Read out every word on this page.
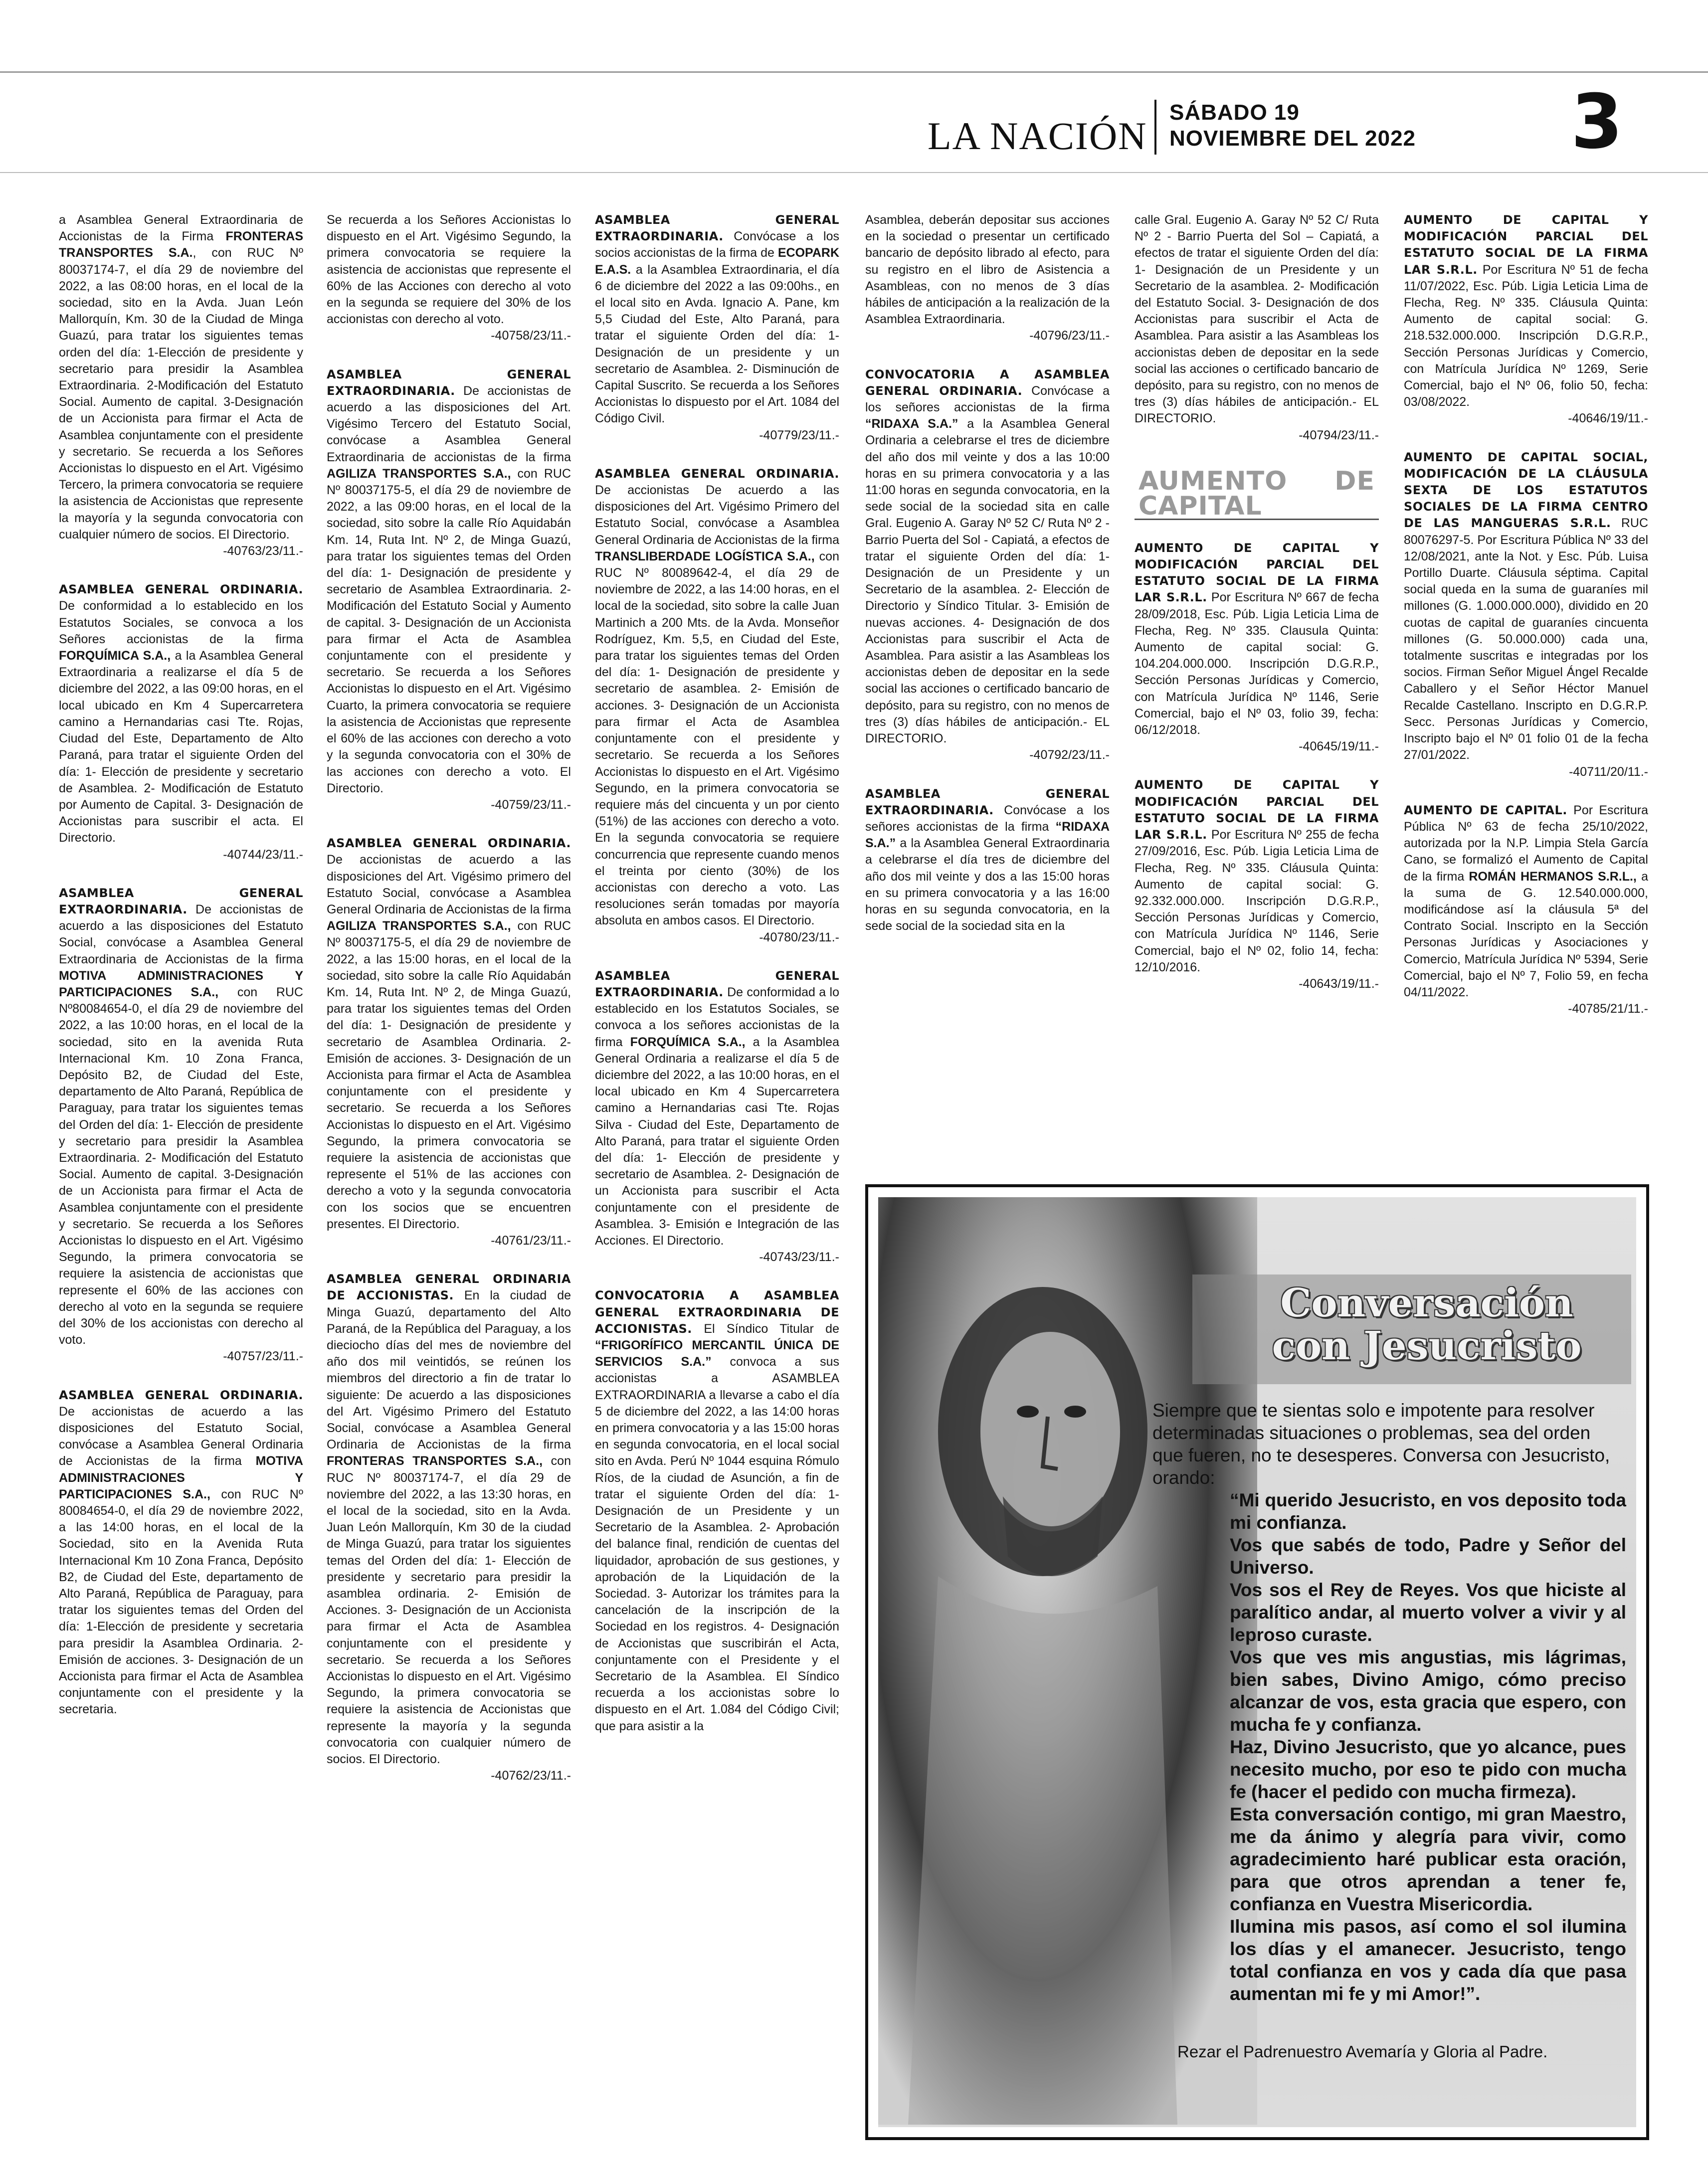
LA NACIÓN
SÁBADO 19
NOVIEMBRE DEL 2022 3

a Asamblea General Extraordinaria de Accionistas de la Firma FRONTERAS TRANSPORTES S.A., con RUC Nº 80037174-7, el día 29 de noviembre del 2022, a las 08:00 horas, en el local de la sociedad, sito en la Avda. Juan León Mallorquín, Km. 30 de la Ciudad de Minga Guazú, para tratar los siguientes temas orden del día: 1-Elección de presidente y secretario para presidir la Asamblea Extraordinaria. 2-Modificación del Estatuto Social. Aumento de capital. 3-Designación de un Accionista para firmar el Acta de Asamblea conjuntamente con el presidente y secretario. Se recuerda a los Señores Accionistas lo dispuesto en el Art. Vigésimo Tercero, la primera convocatoria se requiere la asistencia de Accionistas que represente la mayoría y la segunda convocatoria con cualquier número de socios. El Directorio.

-40763/23/11.-

ASAMBLEA GENERAL ORDINARIA. De conformidad a lo establecido en los Estatutos Sociales, se convoca a los Señores accionistas de la firma FORQUÍMICA S.A., a la Asamblea General Extraordinaria a realizarse el día 5 de diciembre del 2022, a las 09:00 horas, en el local ubicado en Km 4 Supercarretera camino a Hernandarias casi Tte. Rojas, Ciudad del Este, Departamento de Alto Paraná, para tratar el siguiente Orden del día: 1- Elección de presidente y secretario de Asamblea. 2- Modificación de Estatuto por Aumento de Capital. 3- Designación de Accionistas para suscribir el acta. El Directorio.

-40744/23/11.-

ASAMBLEA GENERAL EXTRAORDINARIA. De accionistas de acuerdo a las disposiciones del Estatuto Social, convócase a Asamblea General Extraordinaria de Accionistas de la firma MOTIVA ADMINISTRACIONES Y PARTICIPACIONES S.A., con RUC Nº80084654-0, el día 29 de noviembre del 2022, a las 10:00 horas, en el local de la sociedad, sito en la avenida Ruta Internacional Km. 10 Zona Franca, Depósito B2, de Ciudad del Este, departamento de Alto Paraná, República de Paraguay, para tratar los siguientes temas del Orden del día: 1- Elección de presidente y secretario para presidir la Asamblea Extraordinaria. 2- Modificación del Estatuto Social. Aumento de capital. 3-Designación de un Accionista para firmar el Acta de Asamblea conjuntamente con el presidente y secretario. Se recuerda a los Señores Accionistas lo dispuesto en el Art. Vigésimo Segundo, la primera convocatoria se requiere la asistencia de accionistas que represente el 60% de las acciones con derecho al voto en la segunda se requiere del 30% de los accionistas con derecho al voto.

-40757/23/11.-

ASAMBLEA GENERAL ORDINARIA. De accionistas de acuerdo a las disposiciones del Estatuto Social, convócase a Asamblea General Ordinaria de Accionistas de la firma MOTIVA ADMINISTRACIONES Y PARTICIPACIONES S.A., con RUC Nº 80084654-0, el día 29 de noviembre 2022, a las 14:00 horas, en el local de la Sociedad, sito en la Avenida Ruta Internacional Km 10 Zona Franca, Depósito B2, de Ciudad del Este, departamento de Alto Paraná, República de Paraguay, para tratar los siguientes temas del Orden del día: 1-Elección de presidente y secretaria para presidir la Asamblea Ordinaria. 2- Emisión de acciones. 3- Designación de un Accionista para firmar el Acta de Asamblea conjuntamente con el presidente y la secretaria.

Se recuerda a los Señores Accionistas lo dispuesto en el Art. Vigésimo Segundo, la primera convocatoria se requiere la asistencia de accionistas que represente el 60% de las Acciones con derecho al voto en la segunda se requiere del 30% de los accionistas con derecho al voto.

-40758/23/11.-

ASAMBLEA GENERAL EXTRAORDINARIA. De accionistas de acuerdo a las disposiciones del Art. Vigésimo Tercero del Estatuto Social, convócase a Asamblea General Extraordinaria de accionistas de la firma AGILIZA TRANSPORTES S.A., con RUC Nº 80037175-5, el día 29 de noviembre de 2022, a las 09:00 horas, en el local de la sociedad, sito sobre la calle Río Aquidabán Km. 14, Ruta Int. Nº 2, de Minga Guazú, para tratar los siguientes temas del Orden del día: 1- Designación de presidente y secretario de Asamblea Extraordinaria. 2- Modificación del Estatuto Social y Aumento de capital. 3- Designación de un Accionista para firmar el Acta de Asamblea conjuntamente con el presidente y secretario. Se recuerda a los Señores Accionistas lo dispuesto en el Art. Vigésimo Cuarto, la primera convocatoria se requiere la asistencia de Accionistas que represente el 60% de las acciones con derecho a voto y la segunda convocatoria con el 30% de las acciones con derecho a voto. El Directorio.

-40759/23/11.-

ASAMBLEA GENERAL ORDINARIA. De accionistas de acuerdo a las disposiciones del Art. Vigésimo primero del Estatuto Social, convócase a Asamblea General Ordinaria de Accionistas de la firma AGILIZA TRANSPORTES S.A., con RUC Nº 80037175-5, el día 29 de noviembre de 2022, a las 15:00 horas, en el local de la sociedad, sito sobre la calle Río Aquidabán Km. 14, Ruta Int. Nº 2, de Minga Guazú, para tratar los siguientes temas del Orden del día: 1- Designación de presidente y secretario de Asamblea Ordinaria. 2- Emisión de acciones. 3- Designación de un Accionista para firmar el Acta de Asamblea conjuntamente con el presidente y secretario. Se recuerda a los Señores Accionistas lo dispuesto en el Art. Vigésimo Segundo, la primera convocatoria se requiere la asistencia de accionistas que represente el 51% de las acciones con derecho a voto y la segunda convocatoria con los socios que se encuentren presentes. El Directorio.

-40761/23/11.-

ASAMBLEA GENERAL ORDINARIA DE ACCIONISTAS. En la ciudad de Minga Guazú, departamento del Alto Paraná, de la República del Paraguay, a los dieciocho días del mes de noviembre del año dos mil veintidós, se reúnen los miembros del directorio a fin de tratar lo siguiente: De acuerdo a las disposiciones del Art. Vigésimo Primero del Estatuto Social, convócase a Asamblea General Ordinaria de Accionistas de la firma FRONTERAS TRANSPORTES S.A., con RUC Nº 80037174-7, el día 29 de noviembre del 2022, a las 13:30 horas, en el local de la sociedad, sito en la Avda. Juan León Mallorquín, Km 30 de la ciudad de Minga Guazú, para tratar los siguientes temas del Orden del día: 1- Elección de presidente y secretario para presidir la asamblea ordinaria. 2- Emisión de Acciones. 3- Designación de un Accionista para firmar el Acta de Asamblea conjuntamente con el presidente y secretario. Se recuerda a los Señores Accionistas lo dispuesto en el Art. Vigésimo Segundo, la primera convocatoria se requiere la asistencia de Accionistas que represente la mayoría y la segunda convocatoria con cualquier número de socios. El Directorio.

-40762/23/11.-

ASAMBLEA GENERAL EXTRAORDINARIA. Convócase a los socios accionistas de la firma de ECOPARK E.A.S. a la Asamblea Extraordinaria, el día 6 de diciembre del 2022 a las 09:00hs., en el local sito en Avda. Ignacio A. Pane, km 5,5 Ciudad del Este, Alto Paraná, para tratar el siguiente Orden del día: 1- Designación de un presidente y un secretario de Asamblea. 2- Disminución de Capital Suscrito. Se recuerda a los Señores Accionistas lo dispuesto por el Art. 1084 del Código Civil.

-40779/23/11.-

ASAMBLEA GENERAL ORDINARIA. De accionistas De acuerdo a las disposiciones del Art. Vigésimo Primero del Estatuto Social, convócase a Asamblea General Ordinaria de Accionistas de la firma TRANSLIBERDADE LOGÍSTICA S.A., con RUC Nº 80089642-4, el día 29 de noviembre de 2022, a las 14:00 horas, en el local de la sociedad, sito sobre la calle Juan Martinich a 200 Mts. de la Avda. Monseñor Rodríguez, Km. 5,5, en Ciudad del Este, para tratar los siguientes temas del Orden del día: 1- Designación de presidente y secretario de asamblea. 2- Emisión de acciones. 3- Designación de un Accionista para firmar el Acta de Asamblea conjuntamente con el presidente y secretario. Se recuerda a los Señores Accionistas lo dispuesto en el Art. Vigésimo Segundo, en la primera convocatoria se requiere más del cincuenta y un por ciento (51%) de las acciones con derecho a voto. En la segunda convocatoria se requiere concurrencia que represente cuando menos el treinta por ciento (30%) de los accionistas con derecho a voto. Las resoluciones serán tomadas por mayoría absoluta en ambos casos. El Directorio.

-40780/23/11.-

ASAMBLEA GENERAL EXTRAORDINARIA. De conformidad a lo establecido en los Estatutos Sociales, se convoca a los señores accionistas de la firma FORQUÍMICA S.A., a la Asamblea General Ordinaria a realizarse el día 5 de diciembre del 2022, a las 10:00 horas, en el local ubicado en Km 4 Supercarretera camino a Hernandarias casi Tte. Rojas Silva - Ciudad del Este, Departamento de Alto Paraná, para tratar el siguiente Orden del día: 1- Elección de presidente y secretario de Asamblea. 2- Designación de un Accionista para suscribir el Acta conjuntamente con el presidente de Asamblea. 3- Emisión e Integración de las Acciones. El Directorio.

-40743/23/11.-

CONVOCATORIA A ASAMBLEA GENERAL EXTRAORDINARIA DE ACCIONISTAS. El Síndico Titular de “FRIGORÍFICO MERCANTIL ÚNICA DE SERVICIOS S.A.” convoca a sus accionistas a ASAMBLEA EXTRAORDINARIA a llevarse a cabo el día 5 de diciembre del 2022, a las 14:00 horas en primera convocatoria y a las 15:00 horas en segunda convocatoria, en el local social sito en Avda. Perú Nº 1044 esquina Rómulo Ríos, de la ciudad de Asunción, a fin de tratar el siguiente Orden del día: 1- Designación de un Presidente y un Secretario de la Asamblea. 2- Aprobación del balance final, rendición de cuentas del liquidador, aprobación de sus gestiones, y aprobación de la Liquidación de la Sociedad. 3- Autorizar los trámites para la cancelación de la inscripción de la Sociedad en los registros. 4- Designación de Accionistas que suscribirán el Acta, conjuntamente con el Presidente y el Secretario de la Asamblea. El Síndico recuerda a los accionistas sobre lo dispuesto en el Art. 1.084 del Código Civil; que para asistir a la

Asamblea, deberán depositar sus acciones en la sociedad o presentar un certificado bancario de depósito librado al efecto, para su registro en el libro de Asistencia a Asambleas, con no menos de 3 días hábiles de anticipación a la realización de la Asamblea Extraordinaria.

-40796/23/11.-

CONVOCATORIA A ASAMBLEA GENERAL ORDINARIA. Convócase a los señores accionistas de la firma “RIDAXA S.A.” a la Asamblea General Ordinaria a celebrarse el tres de diciembre del año dos mil veinte y dos a las 10:00 horas en su primera convocatoria y a las 11:00 horas en segunda convocatoria, en la sede social de la sociedad sita en calle Gral. Eugenio A. Garay Nº 52 C/ Ruta Nº 2 - Barrio Puerta del Sol - Capiatá, a efectos de tratar el siguiente Orden del día: 1- Designación de un Presidente y un Secretario de la asamblea. 2- Elección de Directorio y Síndico Titular. 3- Emisión de nuevas acciones. 4- Designación de dos Accionistas para suscribir el Acta de Asamblea. Para asistir a las Asambleas los accionistas deben de depositar en la sede social las acciones o certificado bancario de depósito, para su registro, con no menos de tres (3) días hábiles de anticipación.- EL DIRECTORIO.

-40792/23/11.-

ASAMBLEA GENERAL EXTRAORDINARIA. Convócase a los señores accionistas de la firma “RIDAXA S.A.” a la Asamblea General Extraordinaria a celebrarse el día tres de diciembre del año dos mil veinte y dos a las 15:00 horas en su primera convocatoria y a las 16:00 horas en su segunda convocatoria, en la sede social de la sociedad sita en la

calle Gral. Eugenio A. Garay Nº 52 C/ Ruta Nº 2 - Barrio Puerta del Sol – Capiatá, a efectos de tratar el siguiente Orden del día: 1- Designación de un Presidente y un Secretario de la asamblea. 2- Modificación del Estatuto Social. 3- Designación de dos Accionistas para suscribir el Acta de Asamblea. Para asistir a las Asambleas los accionistas deben de depositar en la sede social las acciones o certificado bancario de depósito, para su registro, con no menos de tres (3) días hábiles de anticipación.- EL DIRECTORIO.

-40794/23/11.-
AUMENTO DE CAPITAL

AUMENTO DE CAPITAL Y MODIFICACIÓN PARCIAL DEL ESTATUTO SOCIAL DE LA FIRMA LAR S.R.L. Por Escritura Nº 667 de fecha 28/09/2018, Esc. Púb. Ligia Leticia Lima de Flecha, Reg. Nº 335. Clausula Quinta: Aumento de capital social: G. 104.204.000.000. Inscripción D.G.R.P., Sección Personas Jurídicas y Comercio, con Matrícula Jurídica Nº 1146, Serie Comercial, bajo el Nº 03, folio 39, fecha: 06/12/2018.

-40645/19/11.-

AUMENTO DE CAPITAL Y MODIFICACIÓN PARCIAL DEL ESTATUTO SOCIAL DE LA FIRMA LAR S.R.L. Por Escritura Nº 255 de fecha 27/09/2016, Esc. Púb. Ligia Leticia Lima de Flecha, Reg. Nº 335. Cláusula Quinta: Aumento de capital social: G. 92.332.000.000. Inscripción D.G.R.P., Sección Personas Jurídicas y Comercio, con Matrícula Jurídica Nº 1146, Serie Comercial, bajo el Nº 02, folio 14, fecha: 12/10/2016.

-40643/19/11.-

AUMENTO DE CAPITAL Y MODIFICACIÓN PARCIAL DEL ESTATUTO SOCIAL DE LA FIRMA LAR S.R.L. Por Escritura Nº 51 de fecha 11/07/2022, Esc. Púb. Ligia Leticia Lima de Flecha, Reg. Nº 335. Cláusula Quinta: Aumento de capital social: G. 218.532.000.000. Inscripción D.G.R.P., Sección Personas Jurídicas y Comercio, con Matrícula Jurídica Nº 1269, Serie Comercial, bajo el Nº 06, folio 50, fecha: 03/08/2022.

-40646/19/11.-

AUMENTO DE CAPITAL SOCIAL, MODIFICACIÓN DE LA CLÁUSULA SEXTA DE LOS ESTATUTOS SOCIALES DE LA FIRMA CENTRO DE LAS MANGUERAS S.R.L. RUC 80076297-5. Por Escritura Pública Nº 33 del 12/08/2021, ante la Not. y Esc. Púb. Luisa Portillo Duarte. Cláusula séptima. Capital social queda en la suma de guaraníes mil millones (G. 1.000.000.000), dividido en 20 cuotas de capital de guaraníes cincuenta millones (G. 50.000.000) cada una, totalmente suscritas e integradas por los socios. Firman Señor Miguel Ángel Recalde Caballero y el Señor Héctor Manuel Recalde Castellano. Inscripto en D.G.R.P. Secc. Personas Jurídicas y Comercio, Inscripto bajo el Nº 01 folio 01 de la fecha 27/01/2022.

-40711/20/11.-

AUMENTO DE CAPITAL. Por Escritura Pública Nº 63 de fecha 25/10/2022, autorizada por la N.P. Limpia Stela García Cano, se formalizó el Aumento de Capital de la firma ROMÁN HERMANOS S.R.L., a la suma de G. 12.540.000.000, modificándose así la cláusula 5ª del Contrato Social. Inscripto en la Sección Personas Jurídicas y Asociaciones y Comercio, Matrícula Jurídica Nº 5394, Serie Comercial, bajo el Nº 7, Folio 59, en fecha 04/11/2022.

-40785/21/11.-
Conversación
con Jesucristo

Siempre que te sientas solo e impotente para resolver determinadas situaciones o problemas, sea del orden que fueren, no te desesperes. Conversa con Jesucristo, orando:

“Mi querido Jesucristo, en vos deposito toda mi confianza.

Vos que sabés de todo, Padre y Señor del Universo.

Vos sos el Rey de Reyes. Vos que hiciste al paralítico andar, al muerto volver a vivir y al leproso curaste.

Vos que ves mis angustias, mis lágrimas, bien sabes, Divino Amigo, cómo preciso alcanzar de vos, esta gracia que espero, con mucha fe y confianza.

Haz, Divino Jesucristo, que yo alcance, pues necesito mucho, por eso te pido con mucha fe (hacer el pedido con mucha firmeza).

Esta conversación contigo, mi gran Maestro, me da ánimo y alegría para vivir, como agradecimiento haré publicar esta oración, para que otros aprendan a tener fe, confianza en Vuestra Misericordia.

Ilumina mis pasos, así como el sol ilumina los días y el amanecer. Jesucristo, tengo total confianza en vos y cada día que pasa aumentan mi fe y mi Amor!”.

Rezar el Padrenuestro Avemaría y Gloria al Padre.
